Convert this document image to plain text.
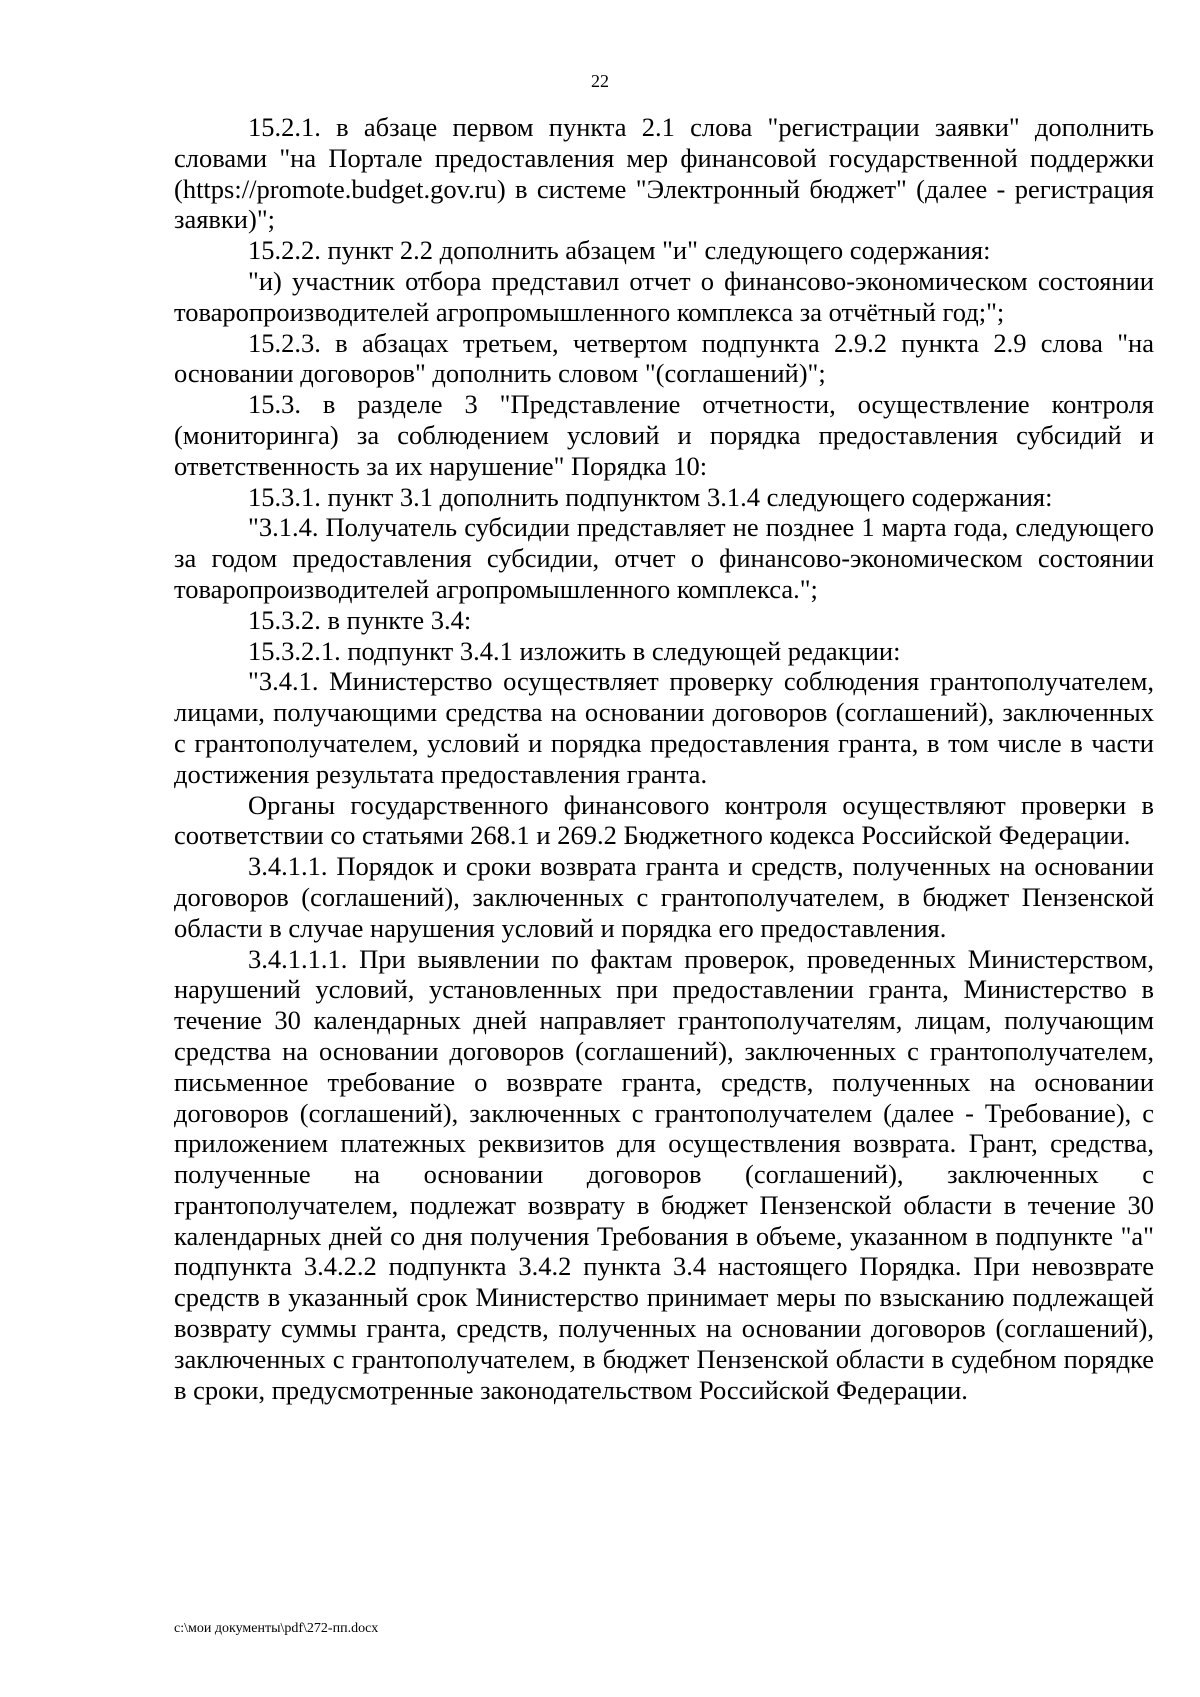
22

15.2.1. в абзаце первом пункта 2.1 слова "регистрации заявки" дополнить словами "на Портале предоставления мер финансовой государственной поддержки (https://promote.budget.gov.ru) в системе "Электронный бюджет" (далее - регистрация заявки)";

15.2.2. пункт 2.2 дополнить абзацем "и" следующего содержания:

"и) участник отбора представил отчет о финансово-экономическом состоянии товаропроизводителей агропромышленного комплекса за отчётный год;";

15.2.3. в абзацах третьем, четвертом подпункта 2.9.2 пункта 2.9 слова "на основании договоров" дополнить словом "(соглашений)";

15.3. в разделе 3 "Представление отчетности, осуществление контроля (мониторинга) за соблюдением условий и порядка предоставления субсидий и ответственность за их нарушение" Порядка 10:

15.3.1. пункт 3.1 дополнить подпунктом 3.1.4 следующего содержания:

"3.1.4. Получатель субсидии представляет не позднее 1 марта года, следующего за годом предоставления субсидии, отчет о финансово-экономическом состоянии товаропроизводителей агропромышленного комплекса.";

15.3.2. в пункте 3.4:

15.3.2.1. подпункт 3.4.1 изложить в следующей редакции:

"3.4.1. Министерство осуществляет проверку соблюдения грантополучателем, лицами, получающими средства на основании договоров (соглашений), заключенных с грантополучателем, условий и порядка предоставления гранта, в том числе в части достижения результата предоставления гранта.

Органы государственного финансового контроля осуществляют проверки в соответствии со статьями 268.1 и 269.2 Бюджетного кодекса Российской Федерации.

3.4.1.1. Порядок и сроки возврата гранта и средств, полученных на основании договоров (соглашений), заключенных с грантополучателем, в бюджет Пензенской области в случае нарушения условий и порядка его предоставления.

3.4.1.1.1. При выявлении по фактам проверок, проведенных Министерством, нарушений условий, установленных при предоставлении гранта, Министерство в течение 30 календарных дней направляет грантополучателям, лицам, получающим средства на основании договоров (соглашений), заключенных с грантополучателем, письменное требование о возврате гранта, средств, полученных на основании договоров (соглашений), заключенных с грантополучателем (далее - Требование), с приложением платежных реквизитов для осуществления возврата. Грант, средства, полученные на основании договоров (соглашений), заключенных с грантополучателем, подлежат возврату в бюджет Пензенской области в течение 30 календарных дней со дня получения Требования в объеме, указанном в подпункте "а" подпункта 3.4.2.2 подпункта 3.4.2 пункта 3.4 настоящего Порядка. При невозврате средств в указанный срок Министерство принимает меры по взысканию подлежащей возврату суммы гранта, средств, полученных на основании договоров (соглашений), заключенных с грантополучателем, в бюджет Пензенской области в судебном порядке в сроки, предусмотренные законодательством Российской Федерации.

c:\мои документы\pdf\272-пп.docx
